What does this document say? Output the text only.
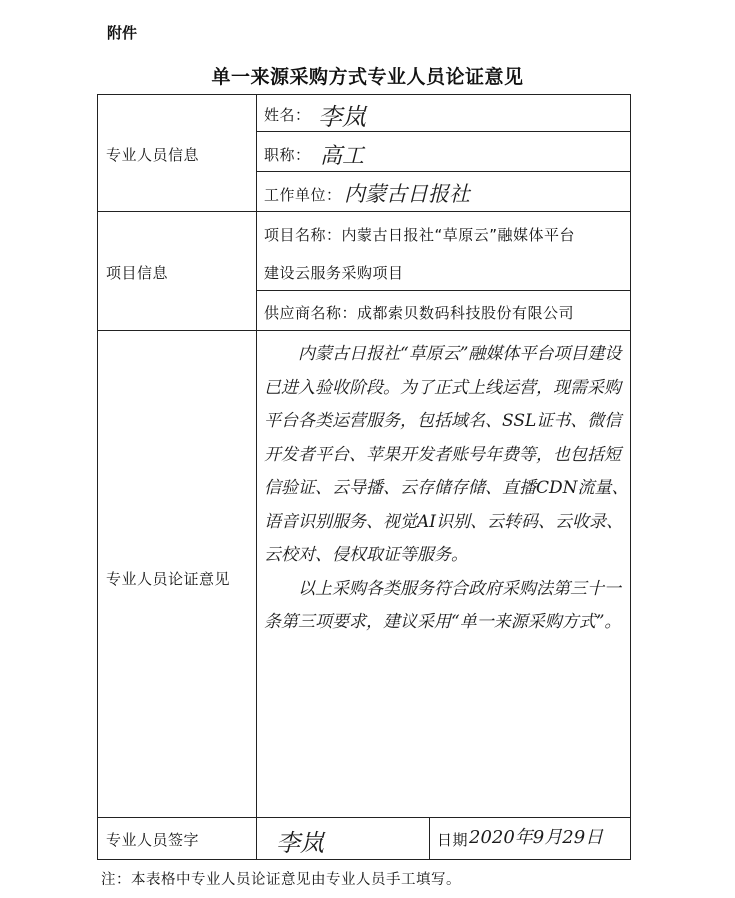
附件
单一来源采购方式专业人员论证意见
专业人员信息
姓名： 李岚
职称： 高工
工作单位： 内蒙古日报社
项目信息
项目名称：内蒙古日报社“草原云”融媒体平台
建设云服务采购项目
供应商名称：成都索贝数码科技股份有限公司
专业人员论证意见

内蒙古日报社“草原云”融媒体平台项目建设已进入验收阶段。为了正式上线运营，现需采购平台各类运营服务，包括域名、SSL证书、微信开发者平台、苹果开发者账号年费等，也包括短信验证、云导播、云存储存储、直播CDN流量、语音识别服务、视觉AI识别、云转码、云收录、云校对、侵权取证等服务。

以上采购各类服务符合政府采购法第三十一条第三项要求，建议采用“单一来源采购方式”。

专业人员签字	李岚	日期 2020年9月29日
注：本表格中专业人员论证意见由专业人员手工填写。
